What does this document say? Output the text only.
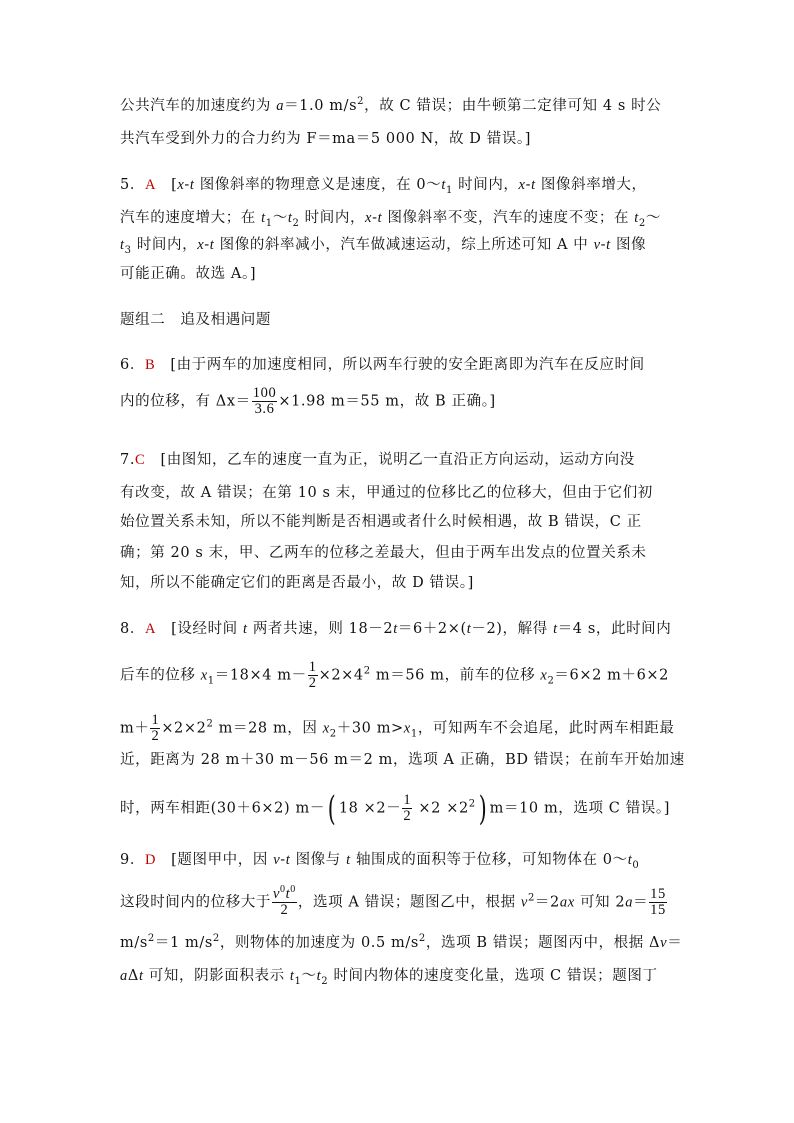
公共汽车的加速度约为 a＝1.0 $m/s^2$，故 C 错误；由牛顿第二定律可知 4 s 时公
共汽车受到外力的合力约为 F＝ma＝5 000 N，故 D 错误。]
5．A　[x-t 图像斜率的物理意义是速度，在 $0\sim t_1$ 时间内，x-t 图像斜率增大，
汽车的速度增大；在 $t_1\sim t_2$ 时间内，x-t 图像斜率不变，汽车的速度不变；在 $t_2\sim$
$t_3$ 时间内，x-t 图像的斜率减小，汽车做减速运动，综上所述可知 A 中 v-t 图像
可能正确。故选 A。]
题组二　追及相遇问题
6．B　 [由于两车的加速度相同，所以两车行驶的安全距离即为汽车在反应时间
内的位移，有 $\Delta x= \frac{100}{3.6} \times 1.98$ m＝55 m，故 B 正确。]
7.C　 [由图知，乙车的速度一直为正，说明乙一直沿正方向运动，运动方向没
有改变，故 A 错误；在第 10 s 末，甲通过的位移比乙的位移大，但由于它们初
始位置关系未知，所以不能判断是否相遇或者什么时候相遇，故 B 错误，C 正
确；第 20 s 末，甲、乙两车的位移之差最大，但由于两车出发点的位置关系未
知，所以不能确定它们的距离是否最小，故 D 错误。]
8．A　[设经时间 t 两者共速，则 18－2t＝6＋2×(t－2)，解得 t＝4 s，此时间内
后车的位移 $x_1=18\times 4$ $m- \frac{1}{2} \times 2\times 4^2$ m＝56 m，前车的位移 $x_2=6\times 2$ m＋6×2
$m+ \frac{1}{2} \times 2\times 2^2$ m＝28 m，因 $x_2+30$ $m>x_1$，可知两车不会追尾，此时两车相距最
近，距离为 28 m＋30 m－56 m＝2 m，选项 A 正确，BD 错误；在前车开始加速
时，两车相距(30＋6×2) m－( $18 \times 2- \frac{1}{2} \times 2 \times 2^2$) m＝10 m，选项 C 错误。]
9．D　[题图甲中，因 v-t 图像与 t 轴围成的面积等于位移，可知物体在 $0\sim t_0$
这段时间内的位移大于 $\frac{v^0t^0}{2}$ ，选项 A 错误；题图乙中，根据 $v^2=2ax$ 可知 $2a= \frac{15}{15}$
$m/s^2=1$ $m/s^2$，则物体的加速度为 0.5 $m/s^2$，选项 B 错误；题图丙中，根据 Δv＝
aΔt 可知，阴影面积表示 $t_1\sim t_2$ 时间内物体的速度变化量，选项 C 错误；题图丁
